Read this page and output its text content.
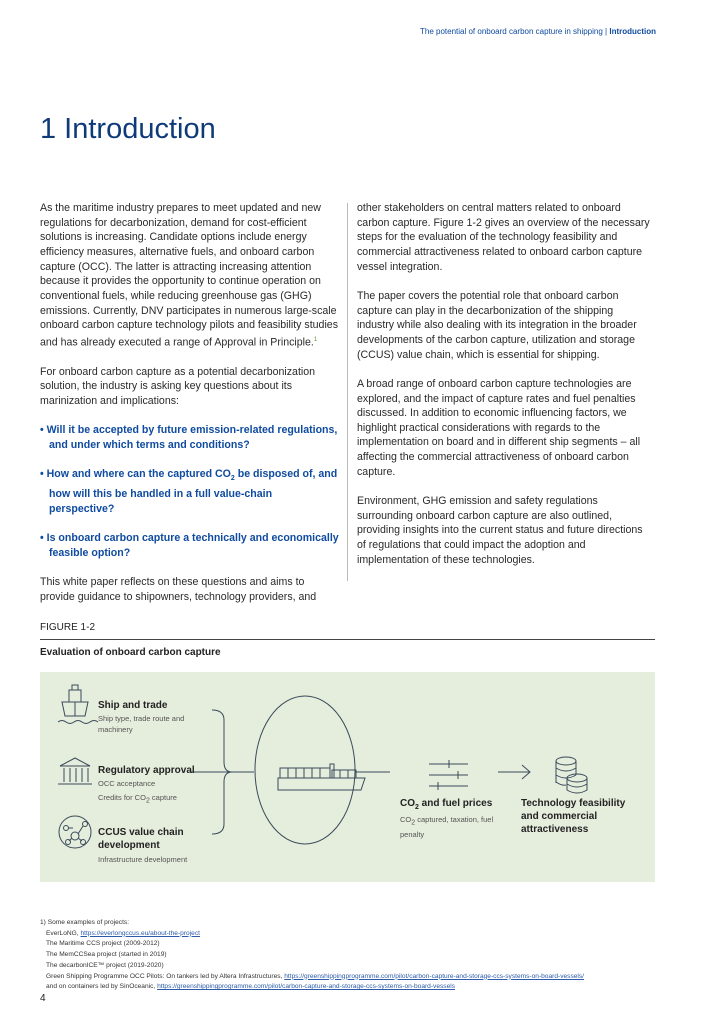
The potential of onboard carbon capture in shipping | Introduction
1 Introduction

As the maritime industry prepares to meet updated and new regulations for decarbonization, demand for cost-efficient solutions is increasing. Candidate options include energy efficiency measures, alternative fuels, and onboard carbon capture (OCC). The latter is attracting increasing attention because it provides the opportunity to continue operation on conventional fuels, while reducing greenhouse gas (GHG) emissions. Currently, DNV participates in numerous large-scale onboard carbon capture technology pilots and feasibility studies and has already executed a range of Approval in Principle.$^1$

For onboard carbon capture as a potential decarbonization solution, the industry is asking key questions about its marinization and implications:

• Will it be accepted by future emission-related regulations, and under which terms and conditions?

• How and where can the captured $CO_2$ be disposed of, and how will this be handled in a full value-chain perspective?

• Is onboard carbon capture a technically and economically feasible option?

This white paper reflects on these questions and aims to provide guidance to shipowners, technology providers, and

other stakeholders on central matters related to onboard carbon capture. Figure 1-2 gives an overview of the necessary steps for the evaluation of the technology feasibility and commercial attractiveness related to onboard carbon capture vessel integration.

The paper covers the potential role that onboard carbon capture can play in the decarbonization of the shipping industry while also dealing with its integration in the broader developments of the carbon capture, utilization and storage (CCUS) value chain, which is essential for shipping.

A broad range of onboard carbon capture technologies are explored, and the impact of capture rates and fuel penalties discussed. In addition to economic influencing factors, we highlight practical considerations with regards to the implementation on board and in different ship segments – all affecting the commercial attractiveness of onboard carbon capture.

Environment, GHG emission and safety regulations surrounding onboard carbon capture are also outlined, providing insights into the current status and future directions of regulations that could impact the adoption and implementation of these technologies.

FIGURE 1-2
Evaluation of onboard carbon capture
Ship and trade
Ship type, trade route and machinery
Regulatory approval
OCC acceptance
Credits for $CO_2$ capture
CCUS value chain development
Infrastructure development
$CO_2$ and fuel prices
$CO_2$ captured, taxation, fuel penalty
Technology feasibility and commercial attractiveness
1) Some examples of projects:
EverLoNG, https://everlongccus.eu/about-the-project
The Maritime CCS project (2009-2012)
The MemCCSea project (started in 2019)
The decarbonICE™ project (2019-2020)
Green Shipping Programme OCC Pilots: On tankers led by Altera Infrastructures, https://greenshippingprogramme.com/pilot/carbon-capture-and-storage-ccs-systems-on-board-vessels/
and on containers led by SinOceanic, https://greenshippingprogramme.com/pilot/carbon-capture-and-storage-ccs-systems-on-board-vessels
4
